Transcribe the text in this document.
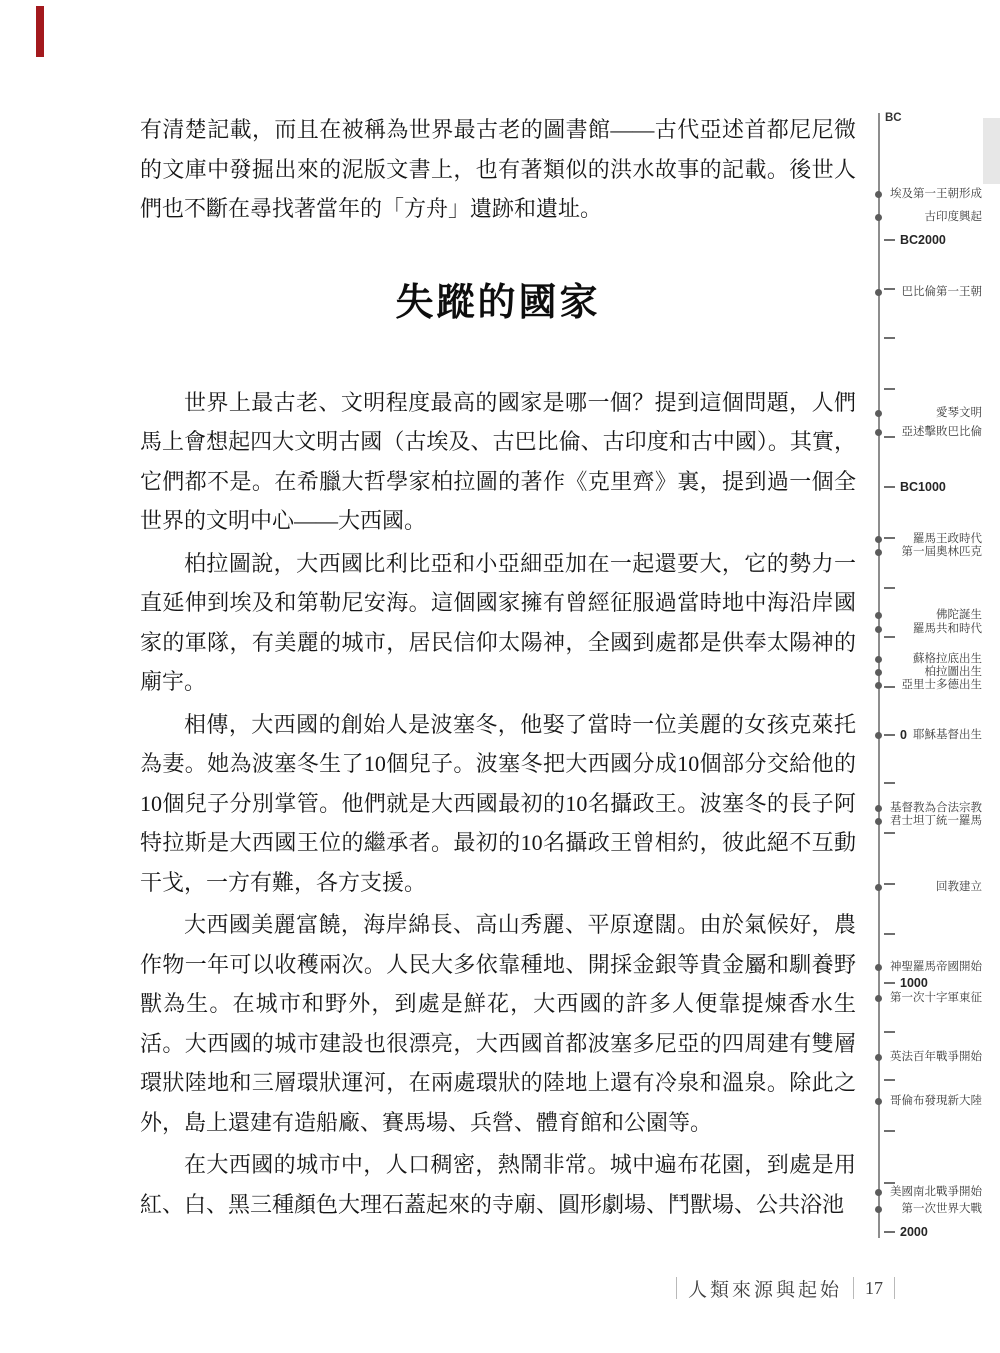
有清楚記載，而且在被稱為世界最古老的圖書館——古代亞述首都尼尼微的文庫中發掘出來的泥版文書上，也有著類似的洪水故事的記載。後世人們也不斷在尋找著當年的「方舟」遺跡和遺址。

失蹤的國家

世界上最古老、文明程度最高的國家是哪一個？提到這個問題，人們馬上會想起四大文明古國（古埃及、古巴比倫、古印度和古中國）。其實，它們都不是。在希臘大哲學家柏拉圖的著作《克里齊》裏，提到過一個全世界的文明中心——大西國。

柏拉圖說，大西國比利比亞和小亞細亞加在一起還要大，它的勢力一直延伸到埃及和第勒尼安海。這個國家擁有曾經征服過當時地中海沿岸國家的軍隊，有美麗的城市，居民信仰太陽神，全國到處都是供奉太陽神的廟宇。

相傳，大西國的創始人是波塞冬，他娶了當時一位美麗的女孩克萊托為妻。她為波塞冬生了10個兒子。波塞冬把大西國分成10個部分交給他的10個兒子分別掌管。他們就是大西國最初的10名攝政王。波塞冬的長子阿特拉斯是大西國王位的繼承者。最初的10名攝政王曾相約，彼此絕不互動干戈，一方有難，各方支援。

大西國美麗富饒，海岸綿長、高山秀麗、平原遼闊。由於氣候好，農作物一年可以收穫兩次。人民大多依靠種地、開採金銀等貴金屬和馴養野獸為生。在城市和野外，到處是鮮花，大西國的許多人便靠提煉香水生活。大西國的城市建設也很漂亮，大西國首都波塞多尼亞的四周建有雙層環狀陸地和三層環狀運河，在兩處環狀的陸地上還有冷泉和溫泉。除此之外，島上還建有造船廠、賽馬場、兵營、體育館和公園等。

在大西國的城市中，人口稠密，熱鬧非常。城中遍布花園，到處是用紅、白、黑三種顏色大理石蓋起來的寺廟、圓形劇場、鬥獸場、公共浴池

BC
BC2000
BC1000
0
1000
2000
埃及第一王朝形成
古印度興起
巴比倫第一王朝
愛琴文明
亞述擊敗巴比倫
羅馬王政時代
第一屆奧林匹克
佛陀誕生
羅馬共和時代
蘇格拉底出生
柏拉圖出生
亞里士多德出生
耶穌基督出生
基督教為合法宗教
君士坦丁統一羅馬
回教建立
神聖羅馬帝國開始
第一次十字軍東征
英法百年戰爭開始
哥倫布發現新大陸
美國南北戰爭開始
第一次世界大戰
人類來源與起始 17
